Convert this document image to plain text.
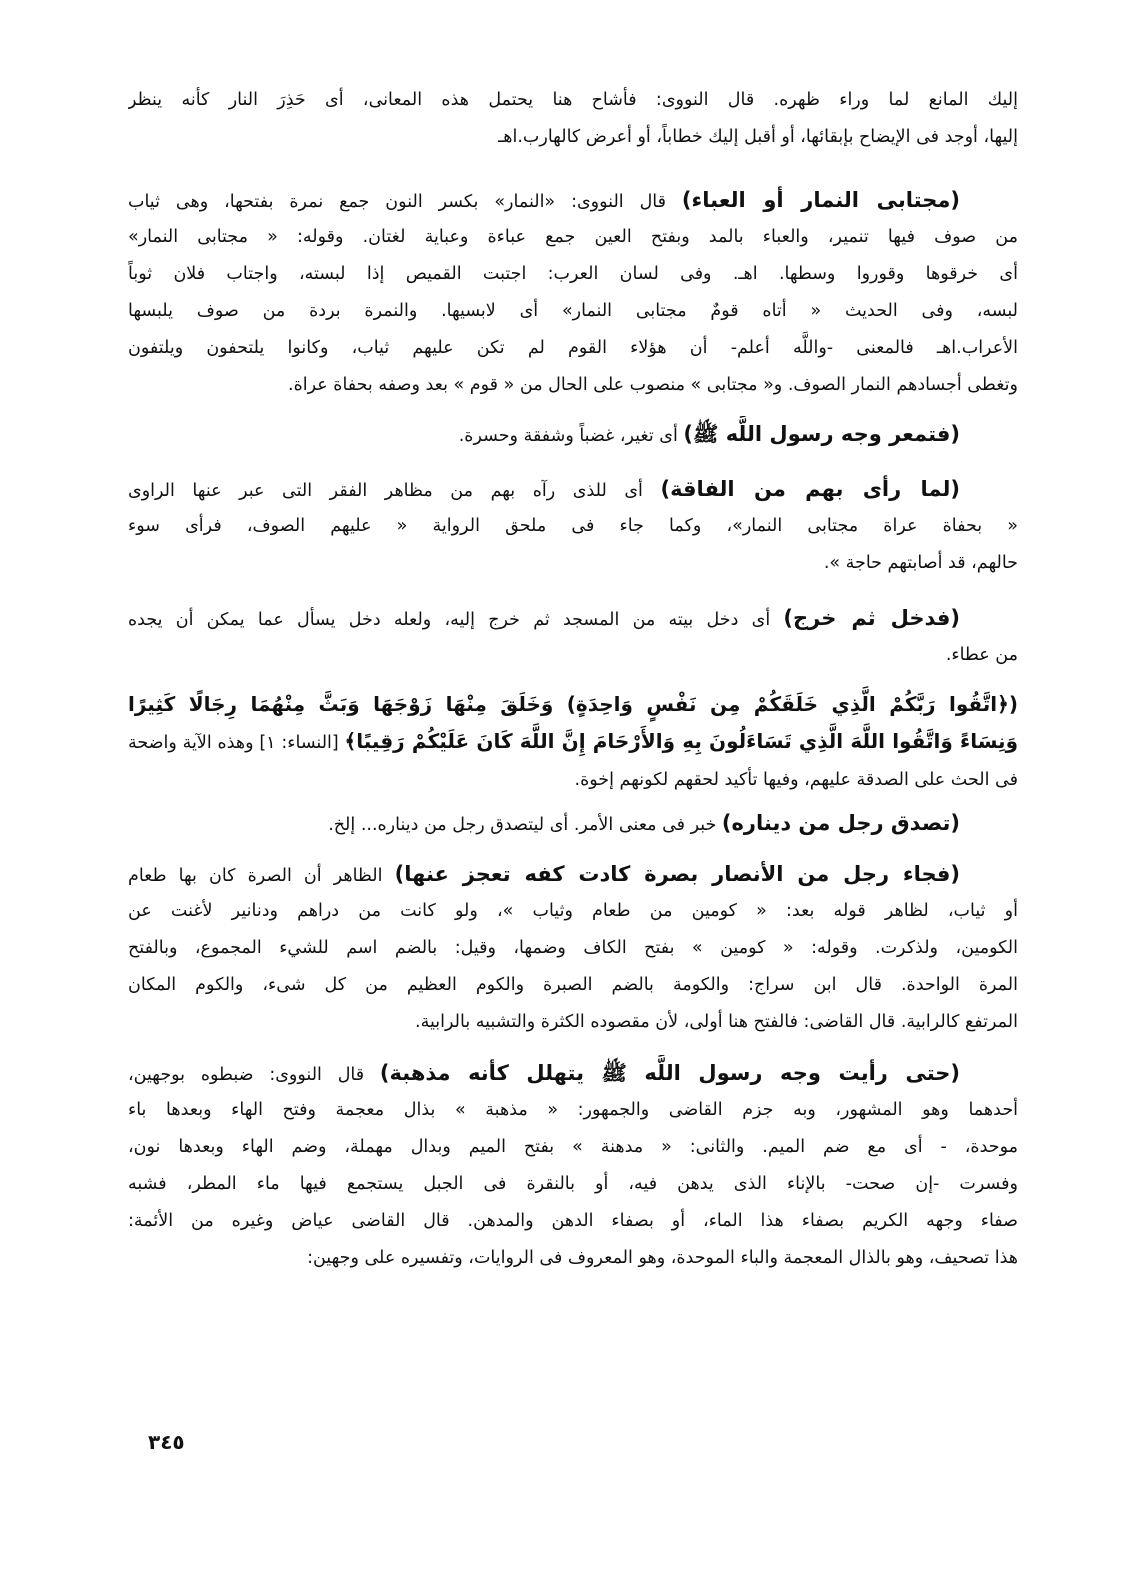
إليك المانع لما وراء ظهره. قال النووى: فأشاح هنا يحتمل هذه المعانى، أى حَذِرَ النار كأنه ينظر
إليها، أوجد فى الإيضاح بإبقائها، أو أقبل إليك خطاباً، أو أعرض كالهارب.اهـ
(مجتابى النمار أو العباء) قال النووى: «النمار» بكسر النون جمع نمرة بفتحها، وهى ثياب
من صوف فيها تنمير، والعباء بالمد وبفتح العين جمع عباءة وعباية لغتان. وقوله: « مجتابى النمار»
أى خرقوها وقوروا وسطها. اهـ. وفى لسان العرب: اجتبت القميص إذا لبسته، واجتاب فلان ثوباً
لبسه، وفى الحديث « أتاه قومٌ مجتابى النمار» أى لابسيها. والنمرة بردة من صوف يلبسها
الأعراب.اهـ فالمعنى -واللَّه أعلم- أن هؤلاء القوم لم تكن عليهم ثياب، وكانوا يلتحفون ويلتفون
وتغطى أجسادهم النمار الصوف. و« مجتابى » منصوب على الحال من « قوم » بعد وصفه بحفاة عراة.
(فتمعر وجه رسول اللَّه ﷺ) أى تغير، غضباً وشفقة وحسرة.
(لما رأى بهم من الفاقة) أى للذى رآه بهم من مظاهر الفقر التى عبر عنها الراوى
« بحفاة عراة مجتابى النمار»، وكما جاء فى ملحق الرواية « عليهم الصوف، فرأى سوء
حالهم، قد أصابتهم حاجة ».
(فدخل ثم خرج) أى دخل بيته من المسجد ثم خرج إليه، ولعله دخل يسأل عما يمكن أن يجده
من عطاء.
(﴿اتَّقُوا رَبَّكُمْ الَّذِي خَلَقَكُمْ مِن نَفْسٍ وَاحِدَةٍ) وَخَلَقَ مِنْهَا زَوْجَهَا وَبَثَّ مِنْهُمَا رِجَالًا كَثِيرًا
وَنِسَاءً وَاتَّقُوا اللَّهَ الَّذِي تَسَاءَلُونَ بِهِ وَالأَرْحَامَ إِنَّ اللَّهَ كَانَ عَلَيْكُمْ رَقِيبًا﴾ [النساء: ١] وهذه الآية واضحة
فى الحث على الصدقة عليهم، وفيها تأكيد لحقهم لكونهم إخوة.
(تصدق رجل من ديناره) خبر فى معنى الأمر. أى ليتصدق رجل من ديناره... إلخ.
(فجاء رجل من الأنصار بصرة كادت كفه تعجز عنها) الظاهر أن الصرة كان بها طعام
أو ثياب، لظاهر قوله بعد: « كومين من طعام وثياب »، ولو كانت من دراهم ودنانير لأغنت عن
الكومين، ولذكرت. وقوله: « كومين » بفتح الكاف وضمها، وقيل: بالضم اسم للشيء المجموع، وبالفتح
المرة الواحدة. قال ابن سراج: والكومة بالضم الصبرة والكوم العظيم من كل شىء، والكوم المكان
المرتفع كالرابية. قال القاضى: فالفتح هنا أولى، لأن مقصوده الكثرة والتشبيه بالرابية.
(حتى رأيت وجه رسول اللَّه ﷺ يتهلل كأنه مذهبة) قال النووى: ضبطوه بوجهين،
أحدهما وهو المشهور، وبه جزم القاضى والجمهور: « مذهبة » بذال معجمة وفتح الهاء وبعدها باء
موحدة، - أى مع ضم الميم. والثانى: « مدهنة » بفتح الميم وبدال مهملة، وضم الهاء وبعدها نون،
وفسرت -إن صحت- بالإناء الذى يدهن فيه، أو بالنقرة فى الجبل يستجمع فيها ماء المطر، فشبه
صفاء وجهه الكريم بصفاء هذا الماء، أو بصفاء الدهن والمدهن. قال القاضى عياض وغيره من الأئمة:
هذا تصحيف، وهو بالذال المعجمة والباء الموحدة، وهو المعروف فى الروايات، وتفسيره على وجهين:
٣٤٥
